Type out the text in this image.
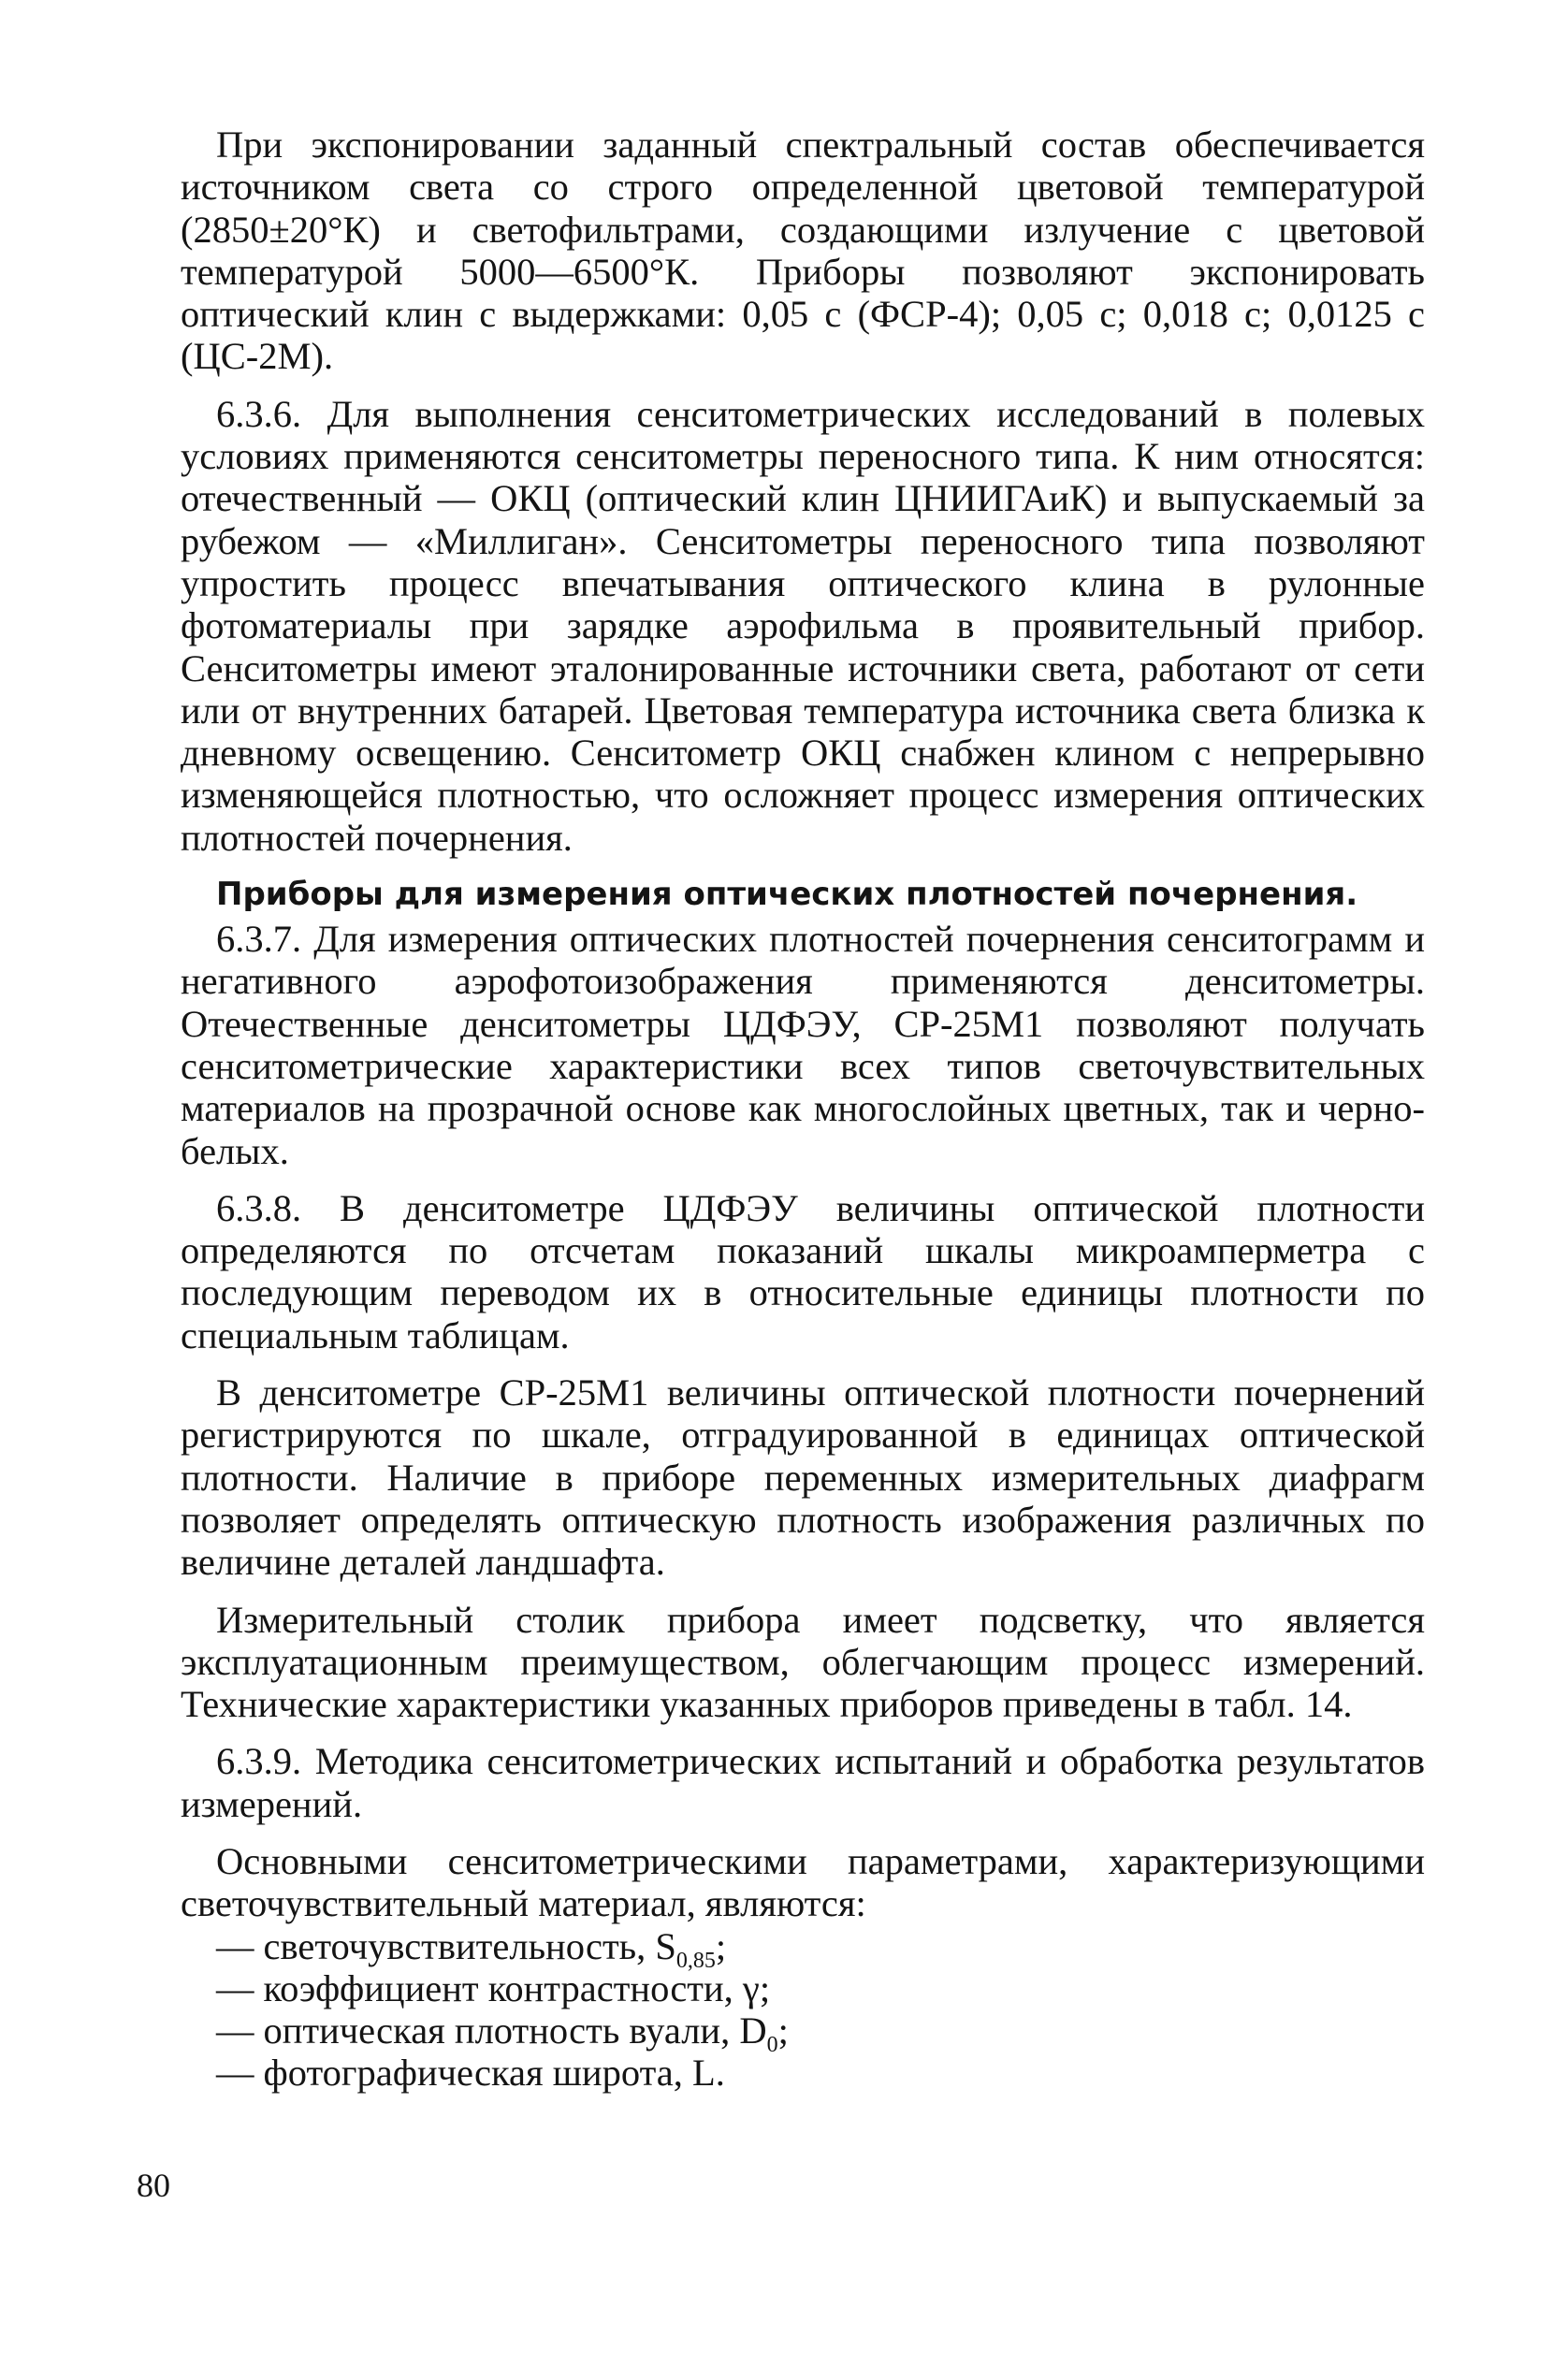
При экспонировании заданный спектральный состав обеспечивается источником света со строго определенной цветовой температурой (2850±20°К) и светофильтрами, создающими излучение с цветовой температурой 5000—6500°К. Приборы позволяют экспонировать оптический клин с выдержками: 0,05 с (ФСР-4); 0,05 с; 0,018 с; 0,0125 с (ЦС-2М).

6.3.6. Для выполнения сенситометрических исследований в полевых условиях применяются сенситометры переносного типа. К ним относятся: отечественный — ОКЦ (оптический клин ЦНИИГАиК) и выпускаемый за рубежом — «Миллиган». Сенситометры переносного типа позволяют упростить процесс впечатывания оптического клина в рулонные фотоматериалы при зарядке аэрофильма в проявительный прибор. Сенситометры имеют эталонированные источники света, работают от сети или от внутренних батарей. Цветовая температура источника света близка к дневному освещению. Сенситометр ОКЦ снабжен клином с непрерывно изменяющейся плотностью, что осложняет процесс измерения оптических плотностей почернения.

Приборы для измерения оптических плотностей почернения.

6.3.7. Для измерения оптических плотностей почернения сенситограмм и негативного аэрофотоизображения применяются денситометры. Отечественные денситометры ЦДФЭУ, СР-25М1 позволяют получать сенситометрические характеристики всех типов светочувствительных материалов на прозрачной основе как многослойных цветных, так и черно-белых.

6.3.8. В денситометре ЦДФЭУ величины оптической плотности определяются по отсчетам показаний шкалы микроамперметра с последующим переводом их в относительные единицы плотности по специальным таблицам.

В денситометре СР-25М1 величины оптической плотности почернений регистрируются по шкале, отградуированной в единицах оптической плотности. Наличие в приборе переменных измерительных диафрагм позволяет определять оптическую плотность изображения различных по величине деталей ландшафта.

Измерительный столик прибора имеет подсветку, что является эксплуатационным преимуществом, облегчающим процесс измерений. Технические характеристики указанных приборов приведены в табл. 14.

6.3.9. Методика сенситометрических испытаний и обработка результатов измерений.

Основными сенситометрическими параметрами, характеризующими светочувствительный материал, являются:

— светочувствительность, $S_{0,85}$;
— коэффициент контрастности, γ;
— оптическая плотность вуали, $D_0$;
— фотографическая широта, L.
80
